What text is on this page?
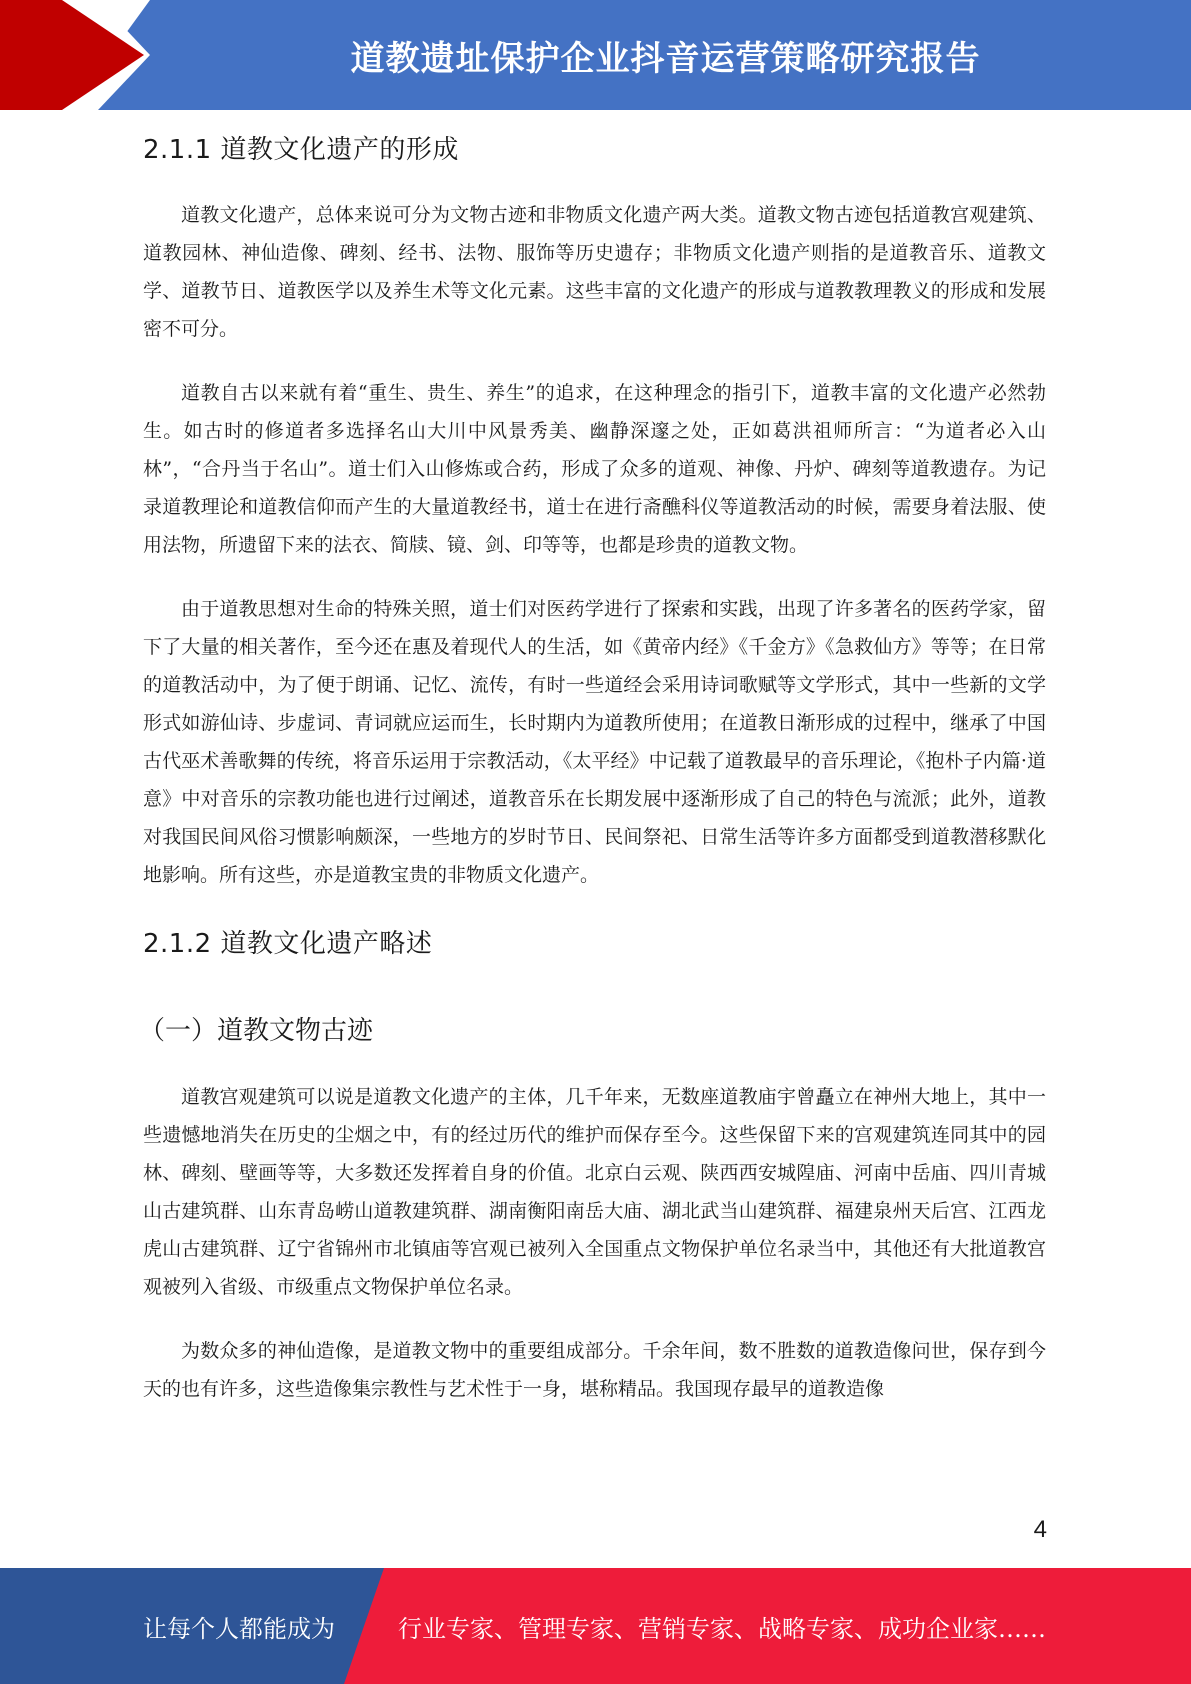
道教遗址保护企业抖音运营策略研究报告
2.1.1 道教文化遗产的形成

道教文化遗产，总体来说可分为文物古迹和非物质文化遗产两大类。道教文物古迹包括道教宫观建筑、道教园林、神仙造像、碑刻、经书、法物、服饰等历史遗存；非物质文化遗产则指的是道教音乐、道教文学、道教节日、道教医学以及养生术等文化元素。这些丰富的文化遗产的形成与道教教理教义的形成和发展密不可分。

道教自古以来就有着“重生、贵生、养生”的追求，在这种理念的指引下，道教丰富的文化遗产必然勃生。如古时的修道者多选择名山大川中风景秀美、幽静深邃之处，正如葛洪祖师所言：“为道者必入山林”，“合丹当于名山”。道士们入山修炼或合药，形成了众多的道观、神像、丹炉、碑刻等道教遗存。为记录道教理论和道教信仰而产生的大量道教经书，道士在进行斋醮科仪等道教活动的时候，需要身着法服、使用法物，所遗留下来的法衣、简牍、镜、剑、印等等，也都是珍贵的道教文物。

由于道教思想对生命的特殊关照，道士们对医药学进行了探索和实践，出现了许多著名的医药学家，留下了大量的相关著作，至今还在惠及着现代人的生活，如《黄帝内经》《千金方》《急救仙方》等等；在日常的道教活动中，为了便于朗诵、记忆、流传，有时一些道经会采用诗词歌赋等文学形式，其中一些新的文学形式如游仙诗、步虚词、青词就应运而生，长时期内为道教所使用；在道教日渐形成的过程中，继承了中国古代巫术善歌舞的传统，将音乐运用于宗教活动，《太平经》中记载了道教最早的音乐理论，《抱朴子内篇·道意》中对音乐的宗教功能也进行过阐述，道教音乐在长期发展中逐渐形成了自己的特色与流派；此外，道教对我国民间风俗习惯影响颇深，一些地方的岁时节日、民间祭祀、日常生活等许多方面都受到道教潜移默化地影响。所有这些，亦是道教宝贵的非物质文化遗产。

2.1.2 道教文化遗产略述
（一）道教文物古迹

道教宫观建筑可以说是道教文化遗产的主体，几千年来，无数座道教庙宇曾矗立在神州大地上，其中一些遗憾地消失在历史的尘烟之中，有的经过历代的维护而保存至今。这些保留下来的宫观建筑连同其中的园林、碑刻、壁画等等，大多数还发挥着自身的价值。北京白云观、陕西西安城隍庙、河南中岳庙、四川青城山古建筑群、山东青岛崂山道教建筑群、湖南衡阳南岳大庙、湖北武当山建筑群、福建泉州天后宫、江西龙虎山古建筑群、辽宁省锦州市北镇庙等宫观已被列入全国重点文物保护单位名录当中，其他还有大批道教宫观被列入省级、市级重点文物保护单位名录。

为数众多的神仙造像，是道教文物中的重要组成部分。千余年间，数不胜数的道教造像问世，保存到今天的也有许多，这些造像集宗教性与艺术性于一身，堪称精品。我国现存最早的道教造像

4
让每个人都能成为	行业专家、管理专家、营销专家、战略专家、成功企业家……
